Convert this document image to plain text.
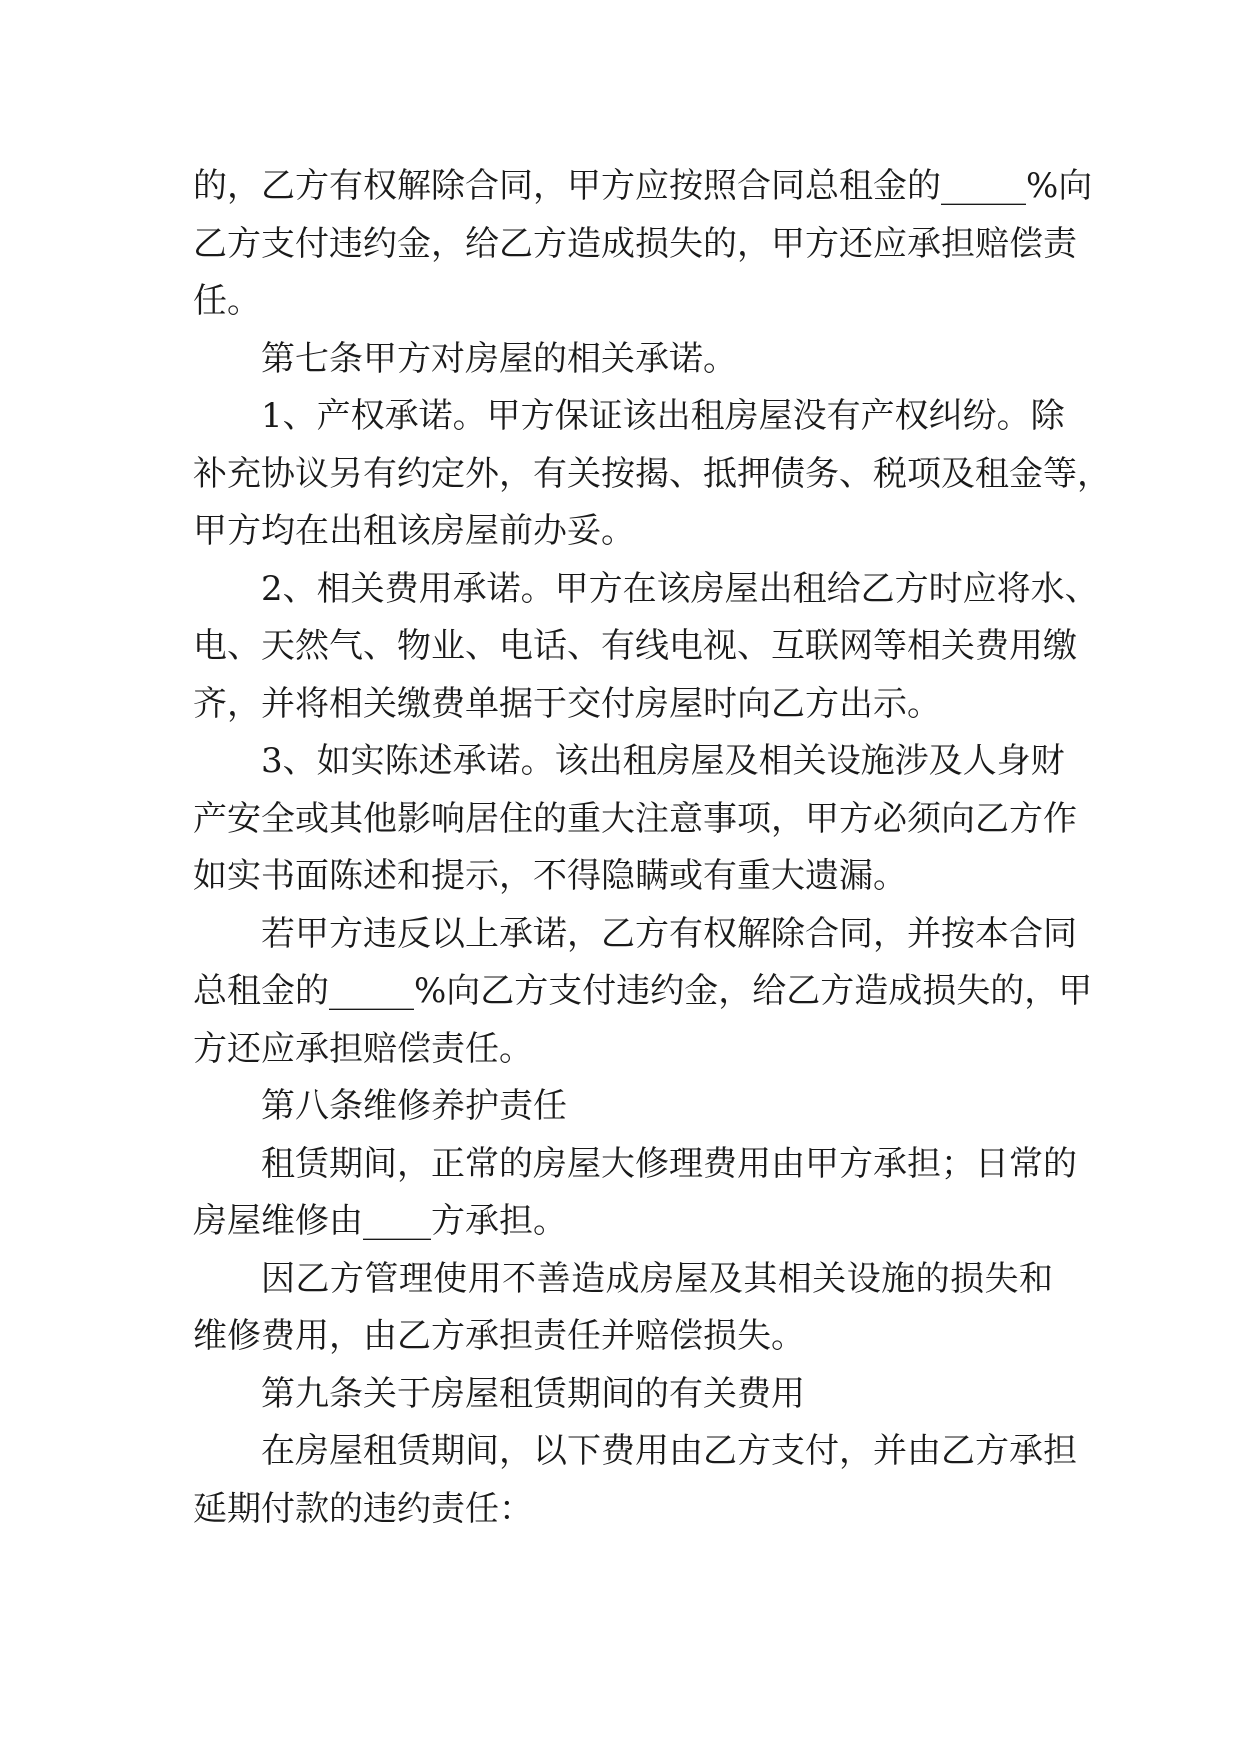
的，乙方有权解除合同，甲方应按照合同总租金的_____%向
乙方支付违约金，给乙方造成损失的，甲方还应承担赔偿责
任。
第七条甲方对房屋的相关承诺。
1、产权承诺。甲方保证该出租房屋没有产权纠纷。除
补充协议另有约定外，有关按揭、抵押债务、税项及租金等，
甲方均在出租该房屋前办妥。
2、相关费用承诺。甲方在该房屋出租给乙方时应将水、
电、天然气、物业、电话、有线电视、互联网等相关费用缴
齐，并将相关缴费单据于交付房屋时向乙方出示。
3、如实陈述承诺。该出租房屋及相关设施涉及人身财
产安全或其他影响居住的重大注意事项，甲方必须向乙方作
如实书面陈述和提示，不得隐瞒或有重大遗漏。
若甲方违反以上承诺，乙方有权解除合同，并按本合同
总租金的_____%向乙方支付违约金，给乙方造成损失的，甲
方还应承担赔偿责任。
第八条维修养护责任
租赁期间，正常的房屋大修理费用由甲方承担；日常的
房屋维修由____方承担。
因乙方管理使用不善造成房屋及其相关设施的损失和
维修费用，由乙方承担责任并赔偿损失。
第九条关于房屋租赁期间的有关费用
在房屋租赁期间，以下费用由乙方支付，并由乙方承担
延期付款的违约责任：
